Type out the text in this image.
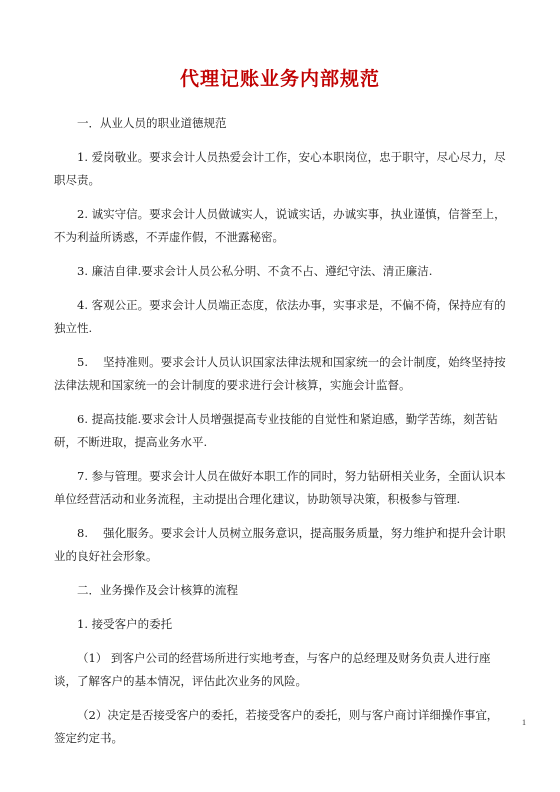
代理记账业务内部规范

一．从业人员的职业道德规范

1. 爱岗敬业。要求会计人员热爱会计工作，安心本职岗位，忠于职守，尽心尽力，尽职尽责。

2. 诚实守信。要求会计人员做诚实人，说诚实话，办诚实事，执业谨慎，信誉至上，不为利益所诱惑，不弄虚作假，不泄露秘密。

3. 廉洁自律.要求会计人员公私分明、不贪不占、遵纪守法、清正廉洁.

4. 客观公正。要求会计人员端正态度，依法办事，实事求是，不偏不倚，保持应有的独立性.

5.　 坚持准则。要求会计人员认识国家法律法规和国家统一的会计制度，始终坚持按法律法规和国家统一的会计制度的要求进行会计核算，实施会计监督。

6. 提高技能.要求会计人员增强提高专业技能的自觉性和紧迫感，勤学苦练，刻苦钻研，不断进取，提高业务水平.

7. 参与管理。要求会计人员在做好本职工作的同时，努力钻研相关业务，全面认识本单位经营活动和业务流程，主动提出合理化建议，协助领导决策，积极参与管理.

8.　 强化服务。要求会计人员树立服务意识，提高服务质量，努力维护和提升会计职业的良好社会形象。

二．业务操作及会计核算的流程

1. 接受客户的委托

（1） 到客户公司的经营场所进行实地考查，与客户的总经理及财务负责人进行座谈，了解客户的基本情况，评估此次业务的风险。

（2）决定是否接受客户的委托，若接受客户的委托，则与客户商讨详细操作事宜，签定约定书。

1
